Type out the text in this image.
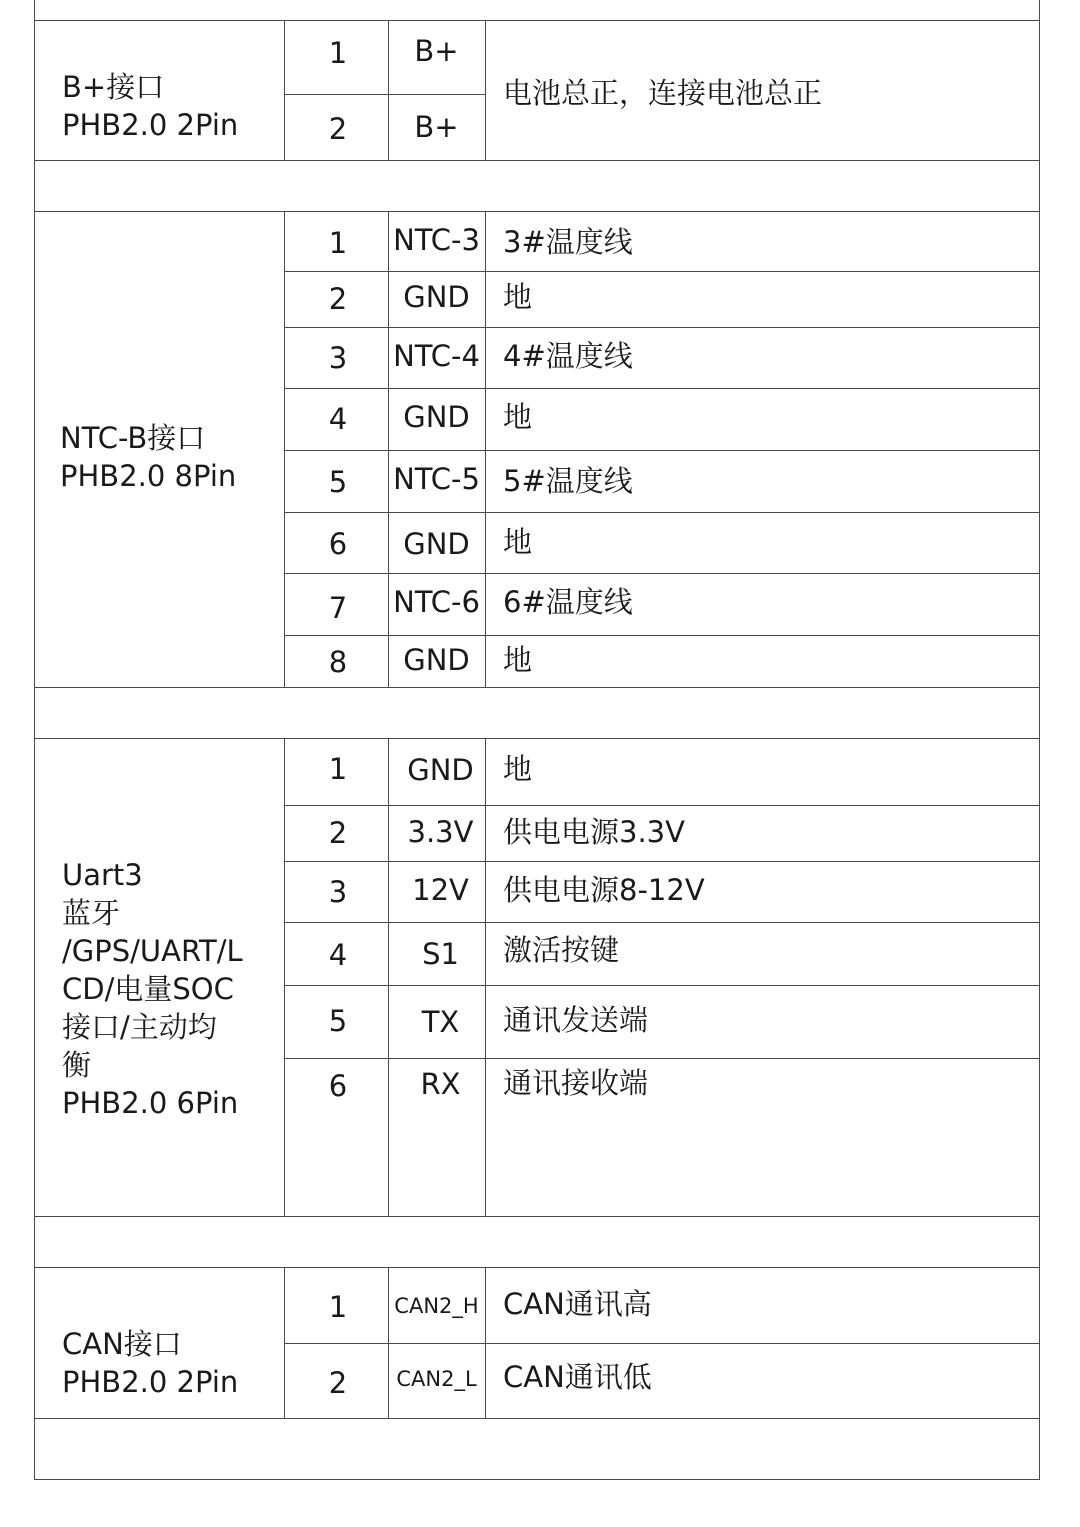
B+接口
PHB2.0 2Pin
1	B+
2	B+
电池总正，连接电池总正
NTC-B接口
PHB2.0 8Pin
1	NTC-3 3#温度线
2	GND	地
3	NTC-4 4#温度线
4	GND	地
5	NTC-5 5#温度线
6	GND	地
7	NTC-6 6#温度线
8	GND	地
Uart3
蓝牙
/GPS/UART/L
CD/电量SOC
接口/主动均
衡
PHB2.0 6Pin
1	GND	地
2	3.3V	供电电源3.3V
3	12V	供电电源8-12V
4	S1	激活按键
5	TX	通讯发送端
6	RX	通讯接收端
CAN接口
PHB2.0 2Pin
1	CAN2_H CAN通讯高
2	CAN2_L CAN通讯低
